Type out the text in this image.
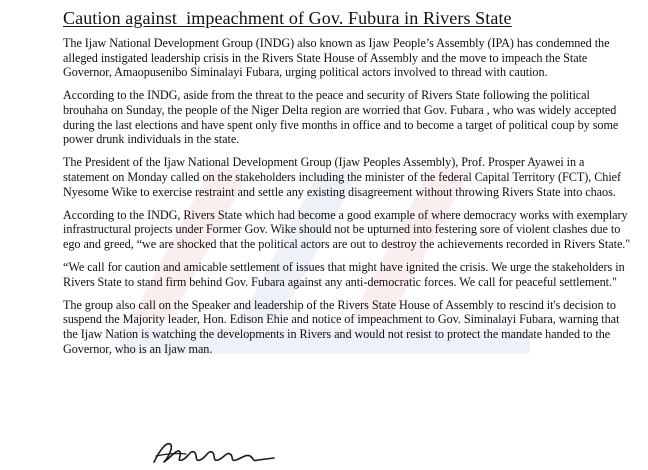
Caution against  impeachment of Gov. Fubura in Rivers State

The Ijaw National Development Group (INDG) also known as Ijaw People’s Assembly (IPA) has condemned the alleged instigated leadership crisis in the Rivers State House of Assembly and the move to impeach the State Governor, Amaopusenibo Siminalayi Fubara, urging political actors involved to thread with caution.

According to the INDG, aside from the threat to the peace and security of Rivers State following the political brouhaha on Sunday, the people of the Niger Delta region are worried that Gov. Fubara , who was widely accepted during the last elections and have spent only five months in office and to become a target of political coup by some power drunk individuals in the state.

The President of the Ijaw National Development Group (Ijaw Peoples Assembly), Prof. Prosper Ayawei in a statement on Monday called on the stakeholders including the minister of the federal Capital Territory (FCT), Chief Nyesome Wike to exercise restraint and settle any existing disagreement without throwing Rivers State into chaos.

According to the INDG, Rivers State which had become a good example of where democracy works with exemplary infrastructural projects under Former Gov. Wike should not be upturned into festering sore of violent clashes due to ego and greed, “we are shocked that the political actors are out to destroy the achievements recorded in Rivers State."

“We call for caution and amicable settlement of issues that might have ignited the crisis. We urge the stakeholders in Rivers State to stand firm behind Gov. Fubara against any anti-democratic forces. We call for peaceful settlement."

The group also call on the Speaker and leadership of the Rivers State House of Assembly to rescind it's decision to suspend the Majority leader, Hon. Edison Ehie and notice of impeachment to Gov. Siminalayi Fubara, warning that the Ijaw Nation is watching the developments in Rivers and would not resist to protect the mandate handed to the Governor, who is an Ijaw man.
